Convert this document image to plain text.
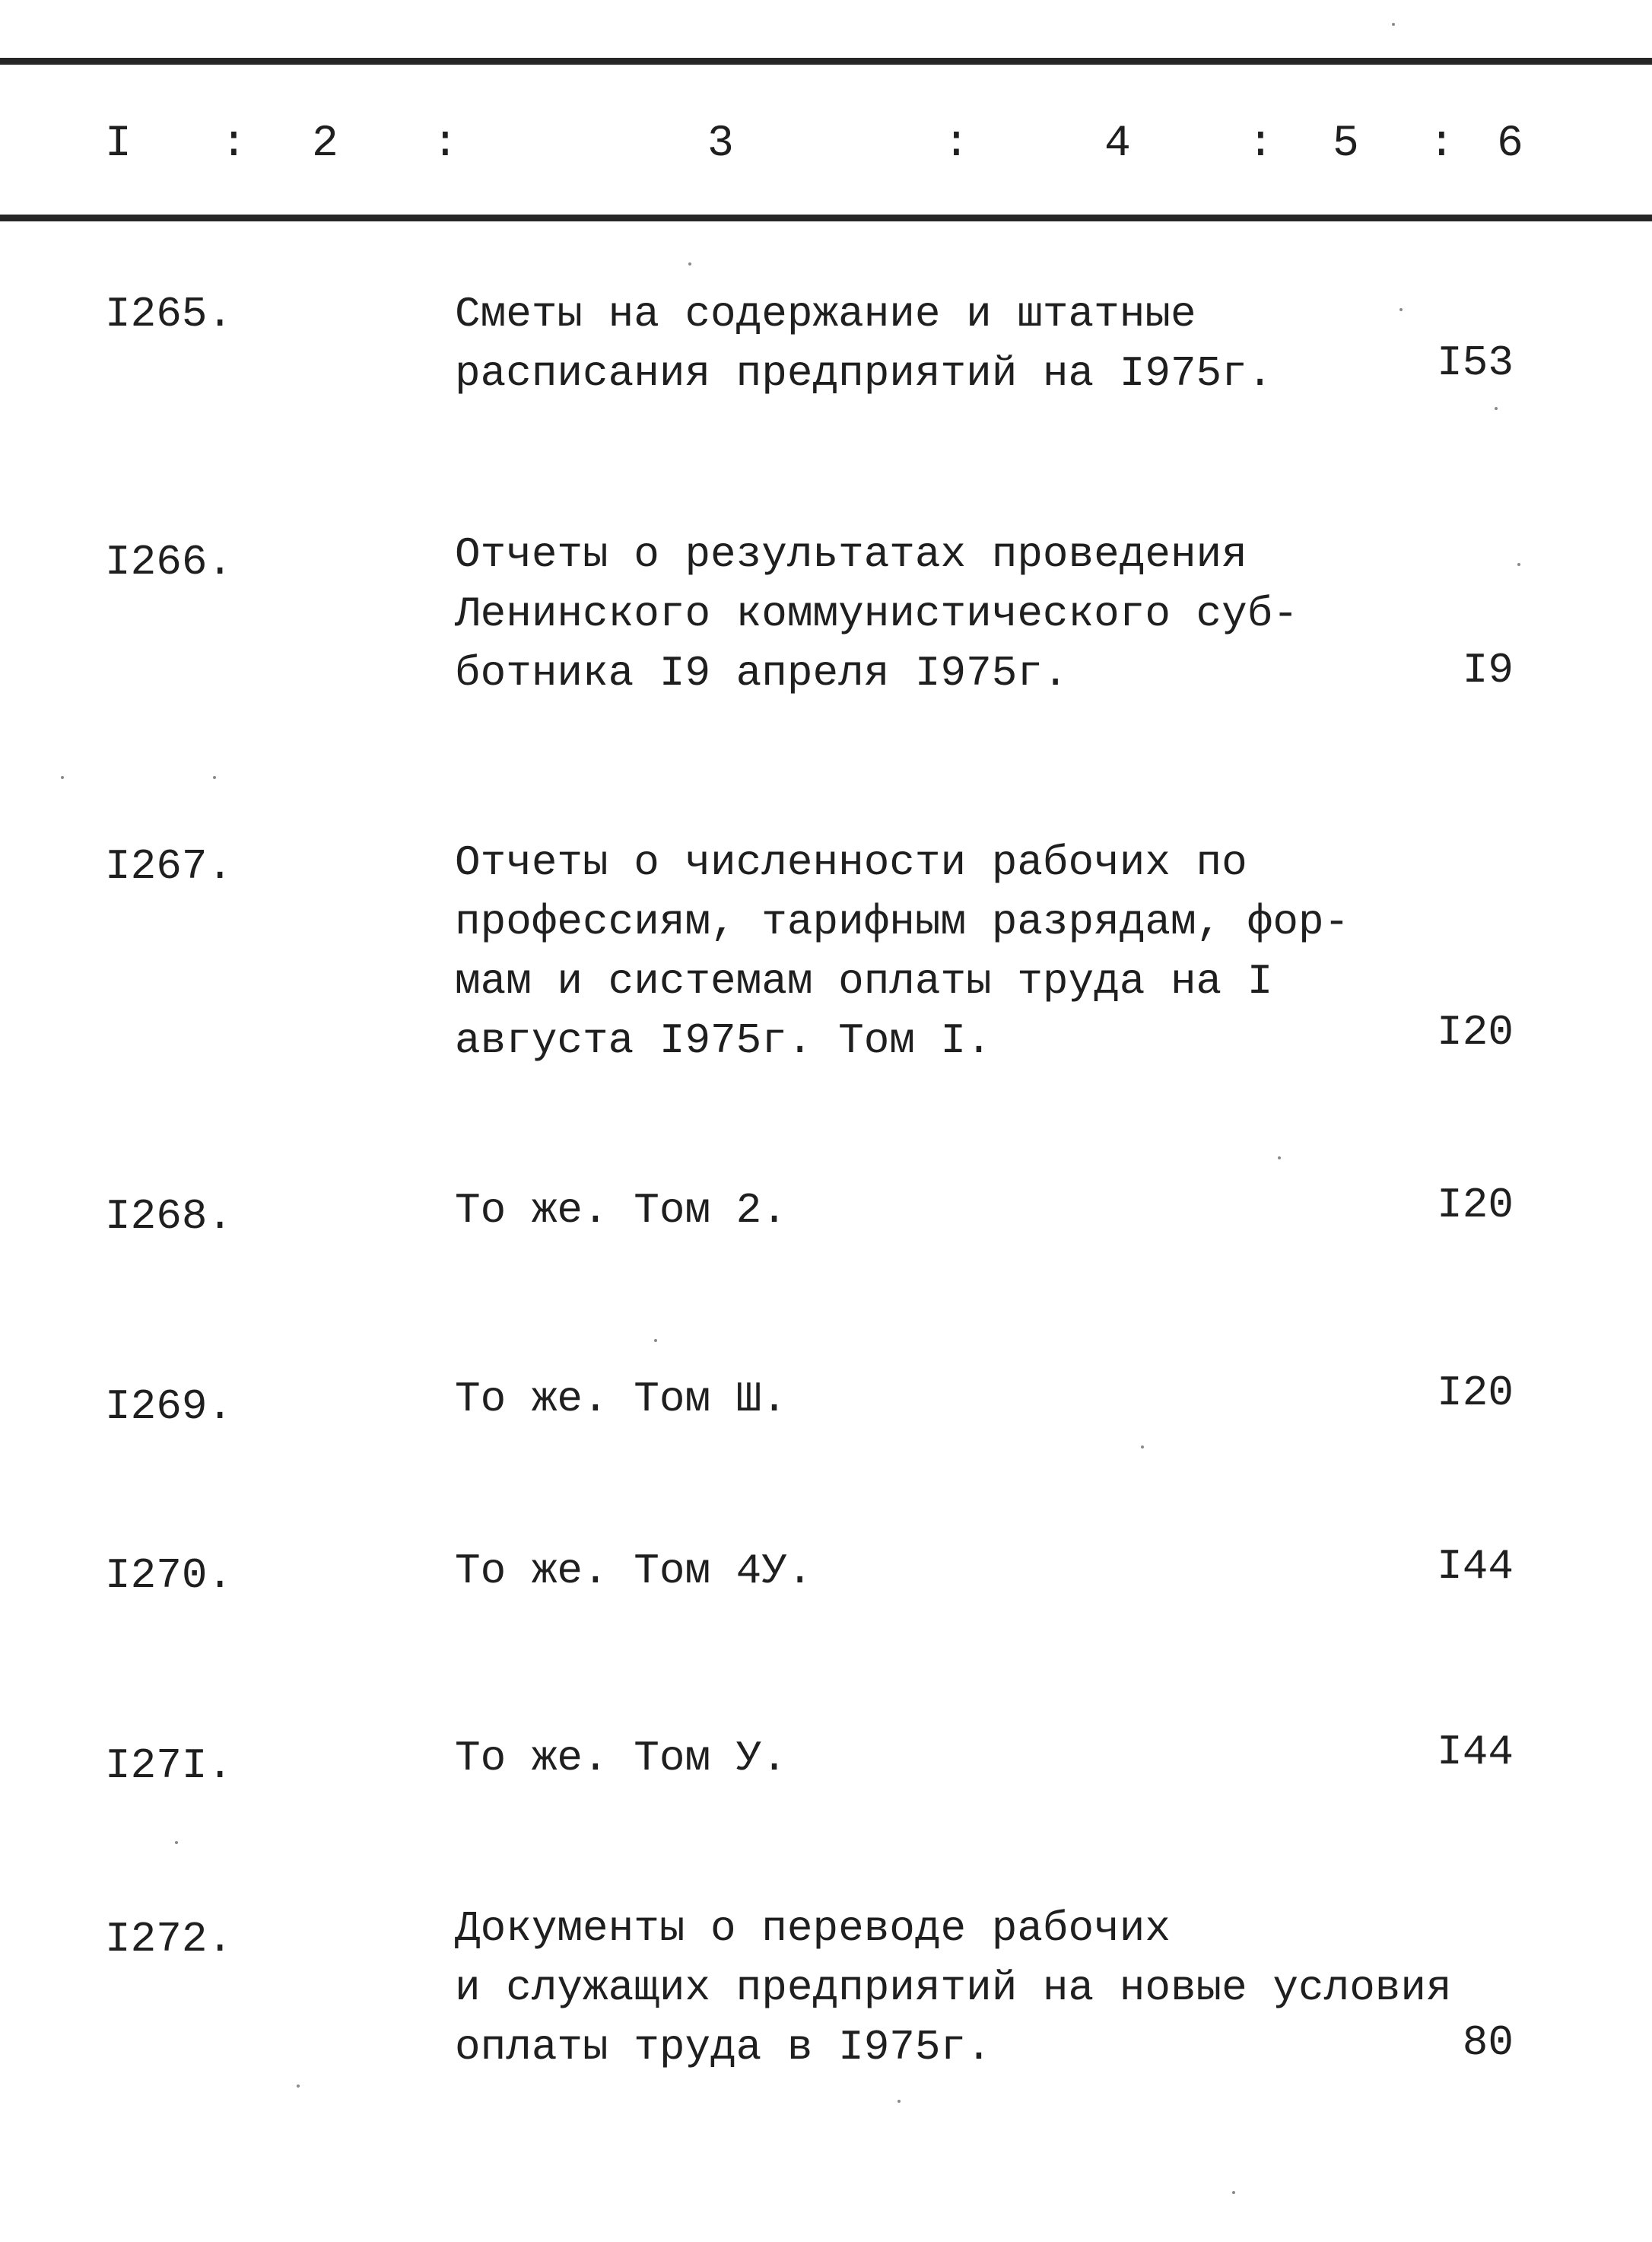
I : 2 :	3	:	4	: 5 : 6
I265.	Сметы на содержание и штатные
расписания предприятий на I975г.	I53
I266.	Отчеты о результатах проведения
Ленинского коммунистического суб-
ботника I9 апреля I975г.	I9
I267.	Отчеты о численности рабочих по
профессиям, тарифным разрядам, фор-
мам и системам оплаты труда на I
августа I975г. Том I.	I20
I268.	То же. Том 2.	I20
I269.	То же. Том Ш.	I20
I270.	То же. Том 4У.	I44
I27I.	То же. Том У.	I44
I272.	Документы о переводе рабочих
и служащих предприятий на новые условия
оплаты труда в I975г.	80
